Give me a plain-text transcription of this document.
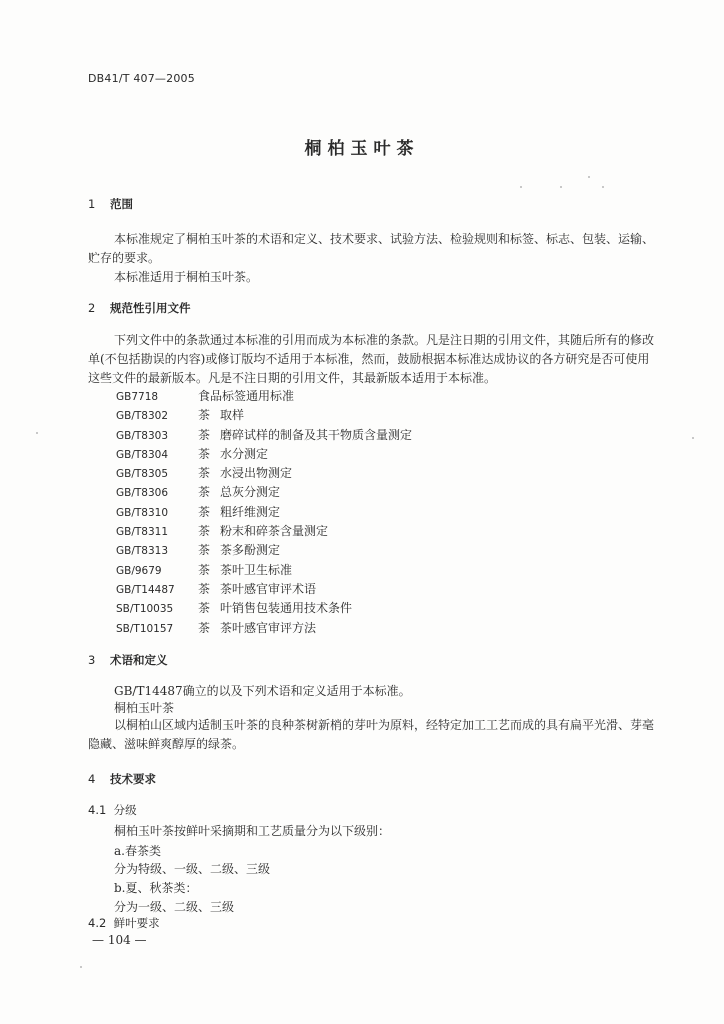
DB41/T 407—2005
桐柏玉叶茶
1 范围
本标准规定了桐柏玉叶茶的术语和定义、技术要求、试验方法、检验规则和标签、标志、包装、运输、贮存的要求。
本标准适用于桐柏玉叶茶。
2 规范性引用文件
下列文件中的条款通过本标准的引用而成为本标准的条款。凡是注日期的引用文件，其随后所有的修改单(不包括勘误的内容)或修订版均不适用于本标准，然而，鼓励根据本标准达成协议的各方研究是否可使用这些文件的最新版本。凡是不注日期的引用文件，其最新版本适用于本标准。
GB7718	食品标签通用标准
GB/T8302 茶 取样
GB/T8303 茶 磨碎试样的制备及其干物质含量测定
GB/T8304 茶 水分测定
GB/T8305 茶 水浸出物测定
GB/T8306 茶 总灰分测定
GB/T8310 茶 粗纤维测定
GB/T8311 茶 粉末和碎茶含量测定
GB/T8313 茶 茶多酚测定
GB/9679	茶 茶叶卫生标准
GB/T14487 茶 茶叶感官审评术语
SB/T10035 茶 叶销售包装通用技术条件
SB/T10157 茶 茶叶感官审评方法
3 术语和定义
GB/T14487确立的以及下列术语和定义适用于本标准。
桐柏玉叶茶
以桐柏山区域内适制玉叶茶的良种茶树新梢的芽叶为原料，经特定加工工艺而成的具有扁平光滑、芽毫隐藏、滋味鲜爽醇厚的绿茶。
4 技术要求
4.1 分级
桐柏玉叶茶按鲜叶采摘期和工艺质量分为以下级别：
a.春茶类
分为特级、一级、二级、三级
b.夏、秋茶类：
分为一级、二级、三级
4.2 鲜叶要求
— 104 —
